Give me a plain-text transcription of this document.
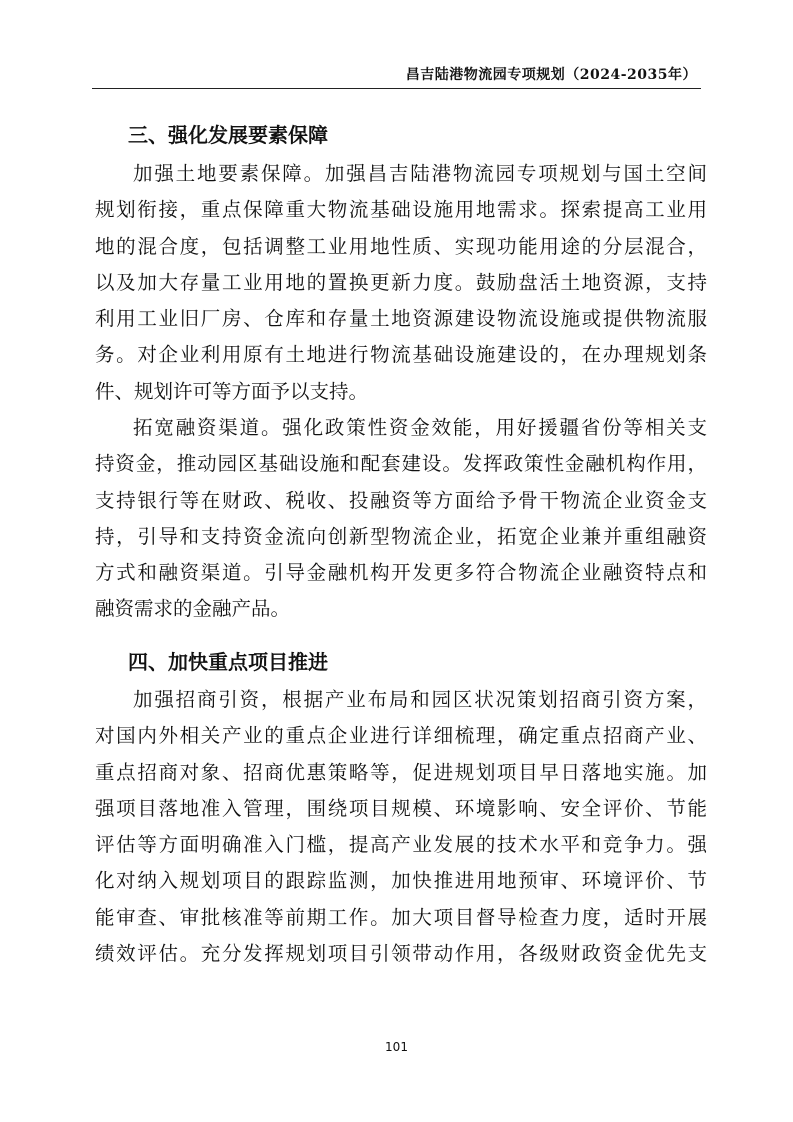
昌吉陆港物流园专项规划（2024-2035年）
三、强化发展要素保障
加强土地要素保障。加强昌吉陆港物流园专项规划与国土空间
规划衔接，重点保障重大物流基础设施用地需求。探索提高工业用
地的混合度，包括调整工业用地性质、实现功能用途的分层混合，
以及加大存量工业用地的置换更新力度。鼓励盘活土地资源，支持
利用工业旧厂房、仓库和存量土地资源建设物流设施或提供物流服
务。对企业利用原有土地进行物流基础设施建设的，在办理规划条
件、规划许可等方面予以支持。
拓宽融资渠道。强化政策性资金效能，用好援疆省份等相关支
持资金，推动园区基础设施和配套建设。发挥政策性金融机构作用，
支持银行等在财政、税收、投融资等方面给予骨干物流企业资金支
持，引导和支持资金流向创新型物流企业，拓宽企业兼并重组融资
方式和融资渠道。引导金融机构开发更多符合物流企业融资特点和
融资需求的金融产品。
四、加快重点项目推进
加强招商引资，根据产业布局和园区状况策划招商引资方案，
对国内外相关产业的重点企业进行详细梳理，确定重点招商产业、
重点招商对象、招商优惠策略等，促进规划项目早日落地实施。加
强项目落地准入管理，围绕项目规模、环境影响、安全评价、节能
评估等方面明确准入门槛，提高产业发展的技术水平和竞争力。强
化对纳入规划项目的跟踪监测，加快推进用地预审、环境评价、节
能审查、审批核准等前期工作。加大项目督导检查力度，适时开展
绩效评估。充分发挥规划项目引领带动作用，各级财政资金优先支
101
